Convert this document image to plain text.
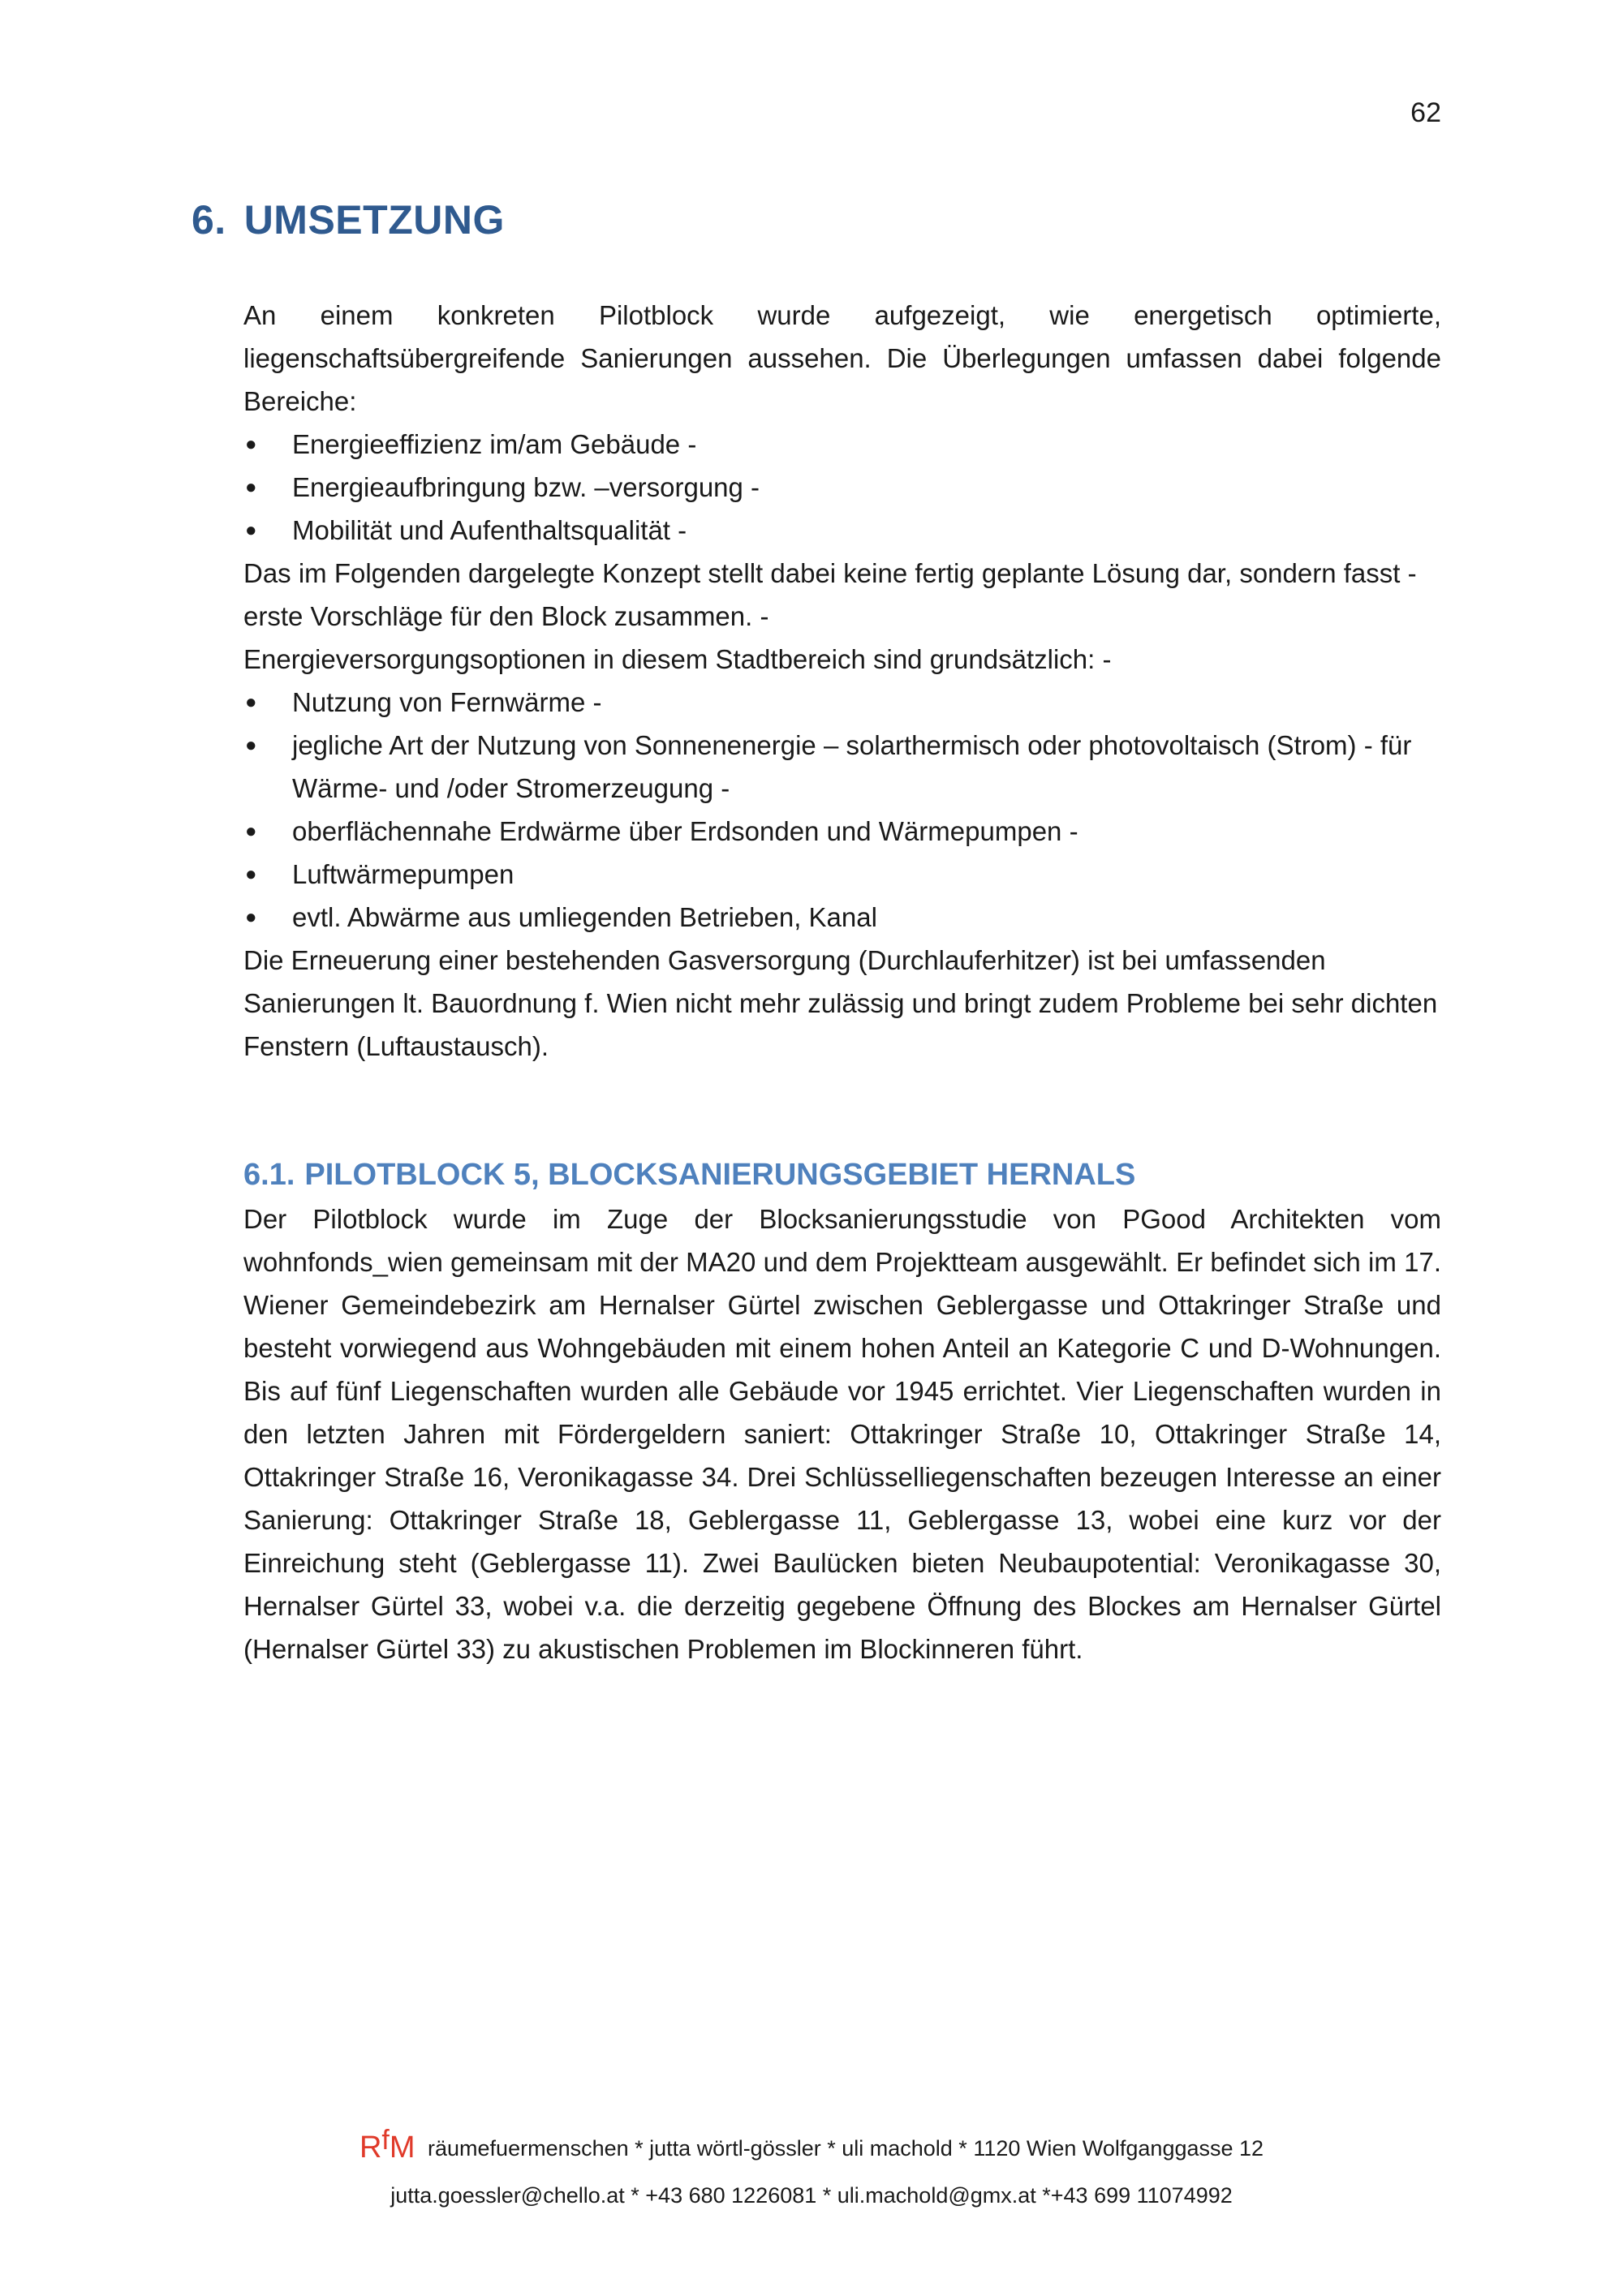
62
6. UMSETZUNG

An einem konkreten Pilotblock wurde aufgezeigt, wie energetisch optimierte, liegenschaftsübergreifende Sanierungen aussehen. Die Überlegungen umfassen dabei folgende Bereiche:

● Energieeffizienz im/am Gebäude -
● Energieaufbringung bzw. –versorgung -
● Mobilität und Aufenthaltsqualität -

Das im Folgenden dargelegte Konzept stellt dabei keine fertig geplante Lösung dar, sondern fasst - erste Vorschläge für den Block zusammen. -

Energieversorgungsoptionen in diesem Stadtbereich sind grundsätzlich: -

● Nutzung von Fernwärme -
● jegliche Art der Nutzung von Sonnenenergie – solarthermisch oder photovoltaisch (Strom) - für Wärme- und /oder Stromerzeugung -
● oberflächennahe Erdwärme über Erdsonden und Wärmepumpen -
● Luftwärmepumpen
● evtl. Abwärme aus umliegenden Betrieben, Kanal

Die Erneuerung einer bestehenden Gasversorgung (Durchlauferhitzer) ist bei umfassenden Sanierungen lt. Bauordnung f. Wien nicht mehr zulässig und bringt zudem Probleme bei sehr dichten Fenstern (Luftaustausch).

6.1. PILOTBLOCK 5, BLOCKSANIERUNGSGEBIET HERNALS

Der Pilotblock wurde im Zuge der Blocksanierungsstudie von PGood Architekten vom wohnfonds_wien gemeinsam mit der MA20 und dem Projektteam ausgewählt. Er befindet sich im 17. Wiener Gemeindebezirk am Hernalser Gürtel zwischen Geblergasse und Ottakringer Straße und besteht vorwiegend aus Wohngebäuden mit einem hohen Anteil an Kategorie C und D-Wohnungen. Bis auf fünf Liegenschaften wurden alle Gebäude vor 1945 errichtet. Vier Liegenschaften wurden in den letzten Jahren mit Fördergeldern saniert: Ottakringer Straße 10, Ottakringer Straße 14, Ottakringer Straße 16, Veronikagasse 34. Drei Schlüsselliegenschaften bezeugen Interesse an einer Sanierung: Ottakringer Straße 18, Geblergasse 11, Geblergasse 13, wobei eine kurz vor der Einreichung steht (Geblergasse 11). Zwei Baulücken bieten Neubaupotential: Veronikagasse 30, Hernalser Gürtel 33, wobei v.a. die derzeitig gegebene Öffnung des Blockes am Hernalser Gürtel (Hernalser Gürtel 33) zu akustischen Problemen im Blockinneren führt.

RfM räumefuermenschen * jutta wörtl-gössler * uli machold * 1120 Wien Wolfganggasse 12
jutta.goessler@chello.at * +43 680 1226081 * uli.machold@gmx.at *+43 699 11074992
